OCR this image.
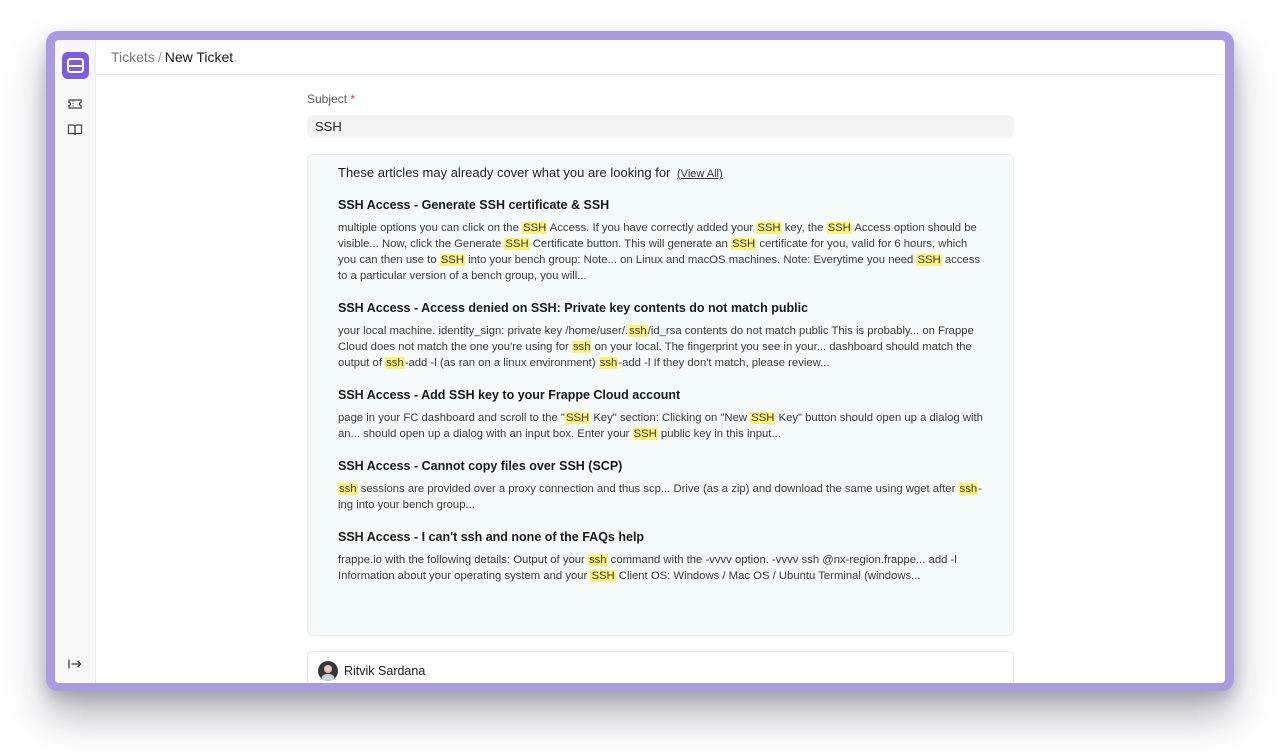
Tickets / New Ticket
Subject *
SSH
These articles may already cover what you are looking for (View All)
SSH Access - Generate SSH certificate & SSH
multiple options you can click on the SSH Access. If you have correctly added your SSH key, the SSH Access option should be visible... Now, click the Generate SSH Certificate button. This will generate an SSH certificate for you, valid for 6 hours, which you can then use to SSH into your bench group: Note... on Linux and macOS machines. Note: Everytime you need SSH access to a particular version of a bench group, you will...
SSH Access - Access denied on SSH: Private key contents do not match public
your local machine. identity_sign: private key /home/user/.ssh/id_rsa contents do not match public This is probably... on Frappe Cloud does not match the one you're using for ssh on your local. The fingerprint you see in your... dashboard should match the output of ssh-add -l (as ran on a linux environment) ssh-add -l If they don't match, please review...
SSH Access - Add SSH key to your Frappe Cloud account
page in your FC dashboard and scroll to the "SSH Key" section: Clicking on "New SSH Key" button should open up a dialog with an... should open up a dialog with an input box. Enter your SSH public key in this input...
SSH Access - Cannot copy files over SSH (SCP)
ssh sessions are provided over a proxy connection and thus scp... Drive (as a zip) and download the same using wget after ssh-ing into your bench group...
SSH Access - I can't ssh and none of the FAQs help
frappe.io with the following details: Output of your ssh command with the -vvvv option. -vvvv ssh @nx-region.frappe... add -l Information about your operating system and your SSH Client OS: Windows / Mac OS / Ubuntu Terminal (windows...
Ritvik Sardana
